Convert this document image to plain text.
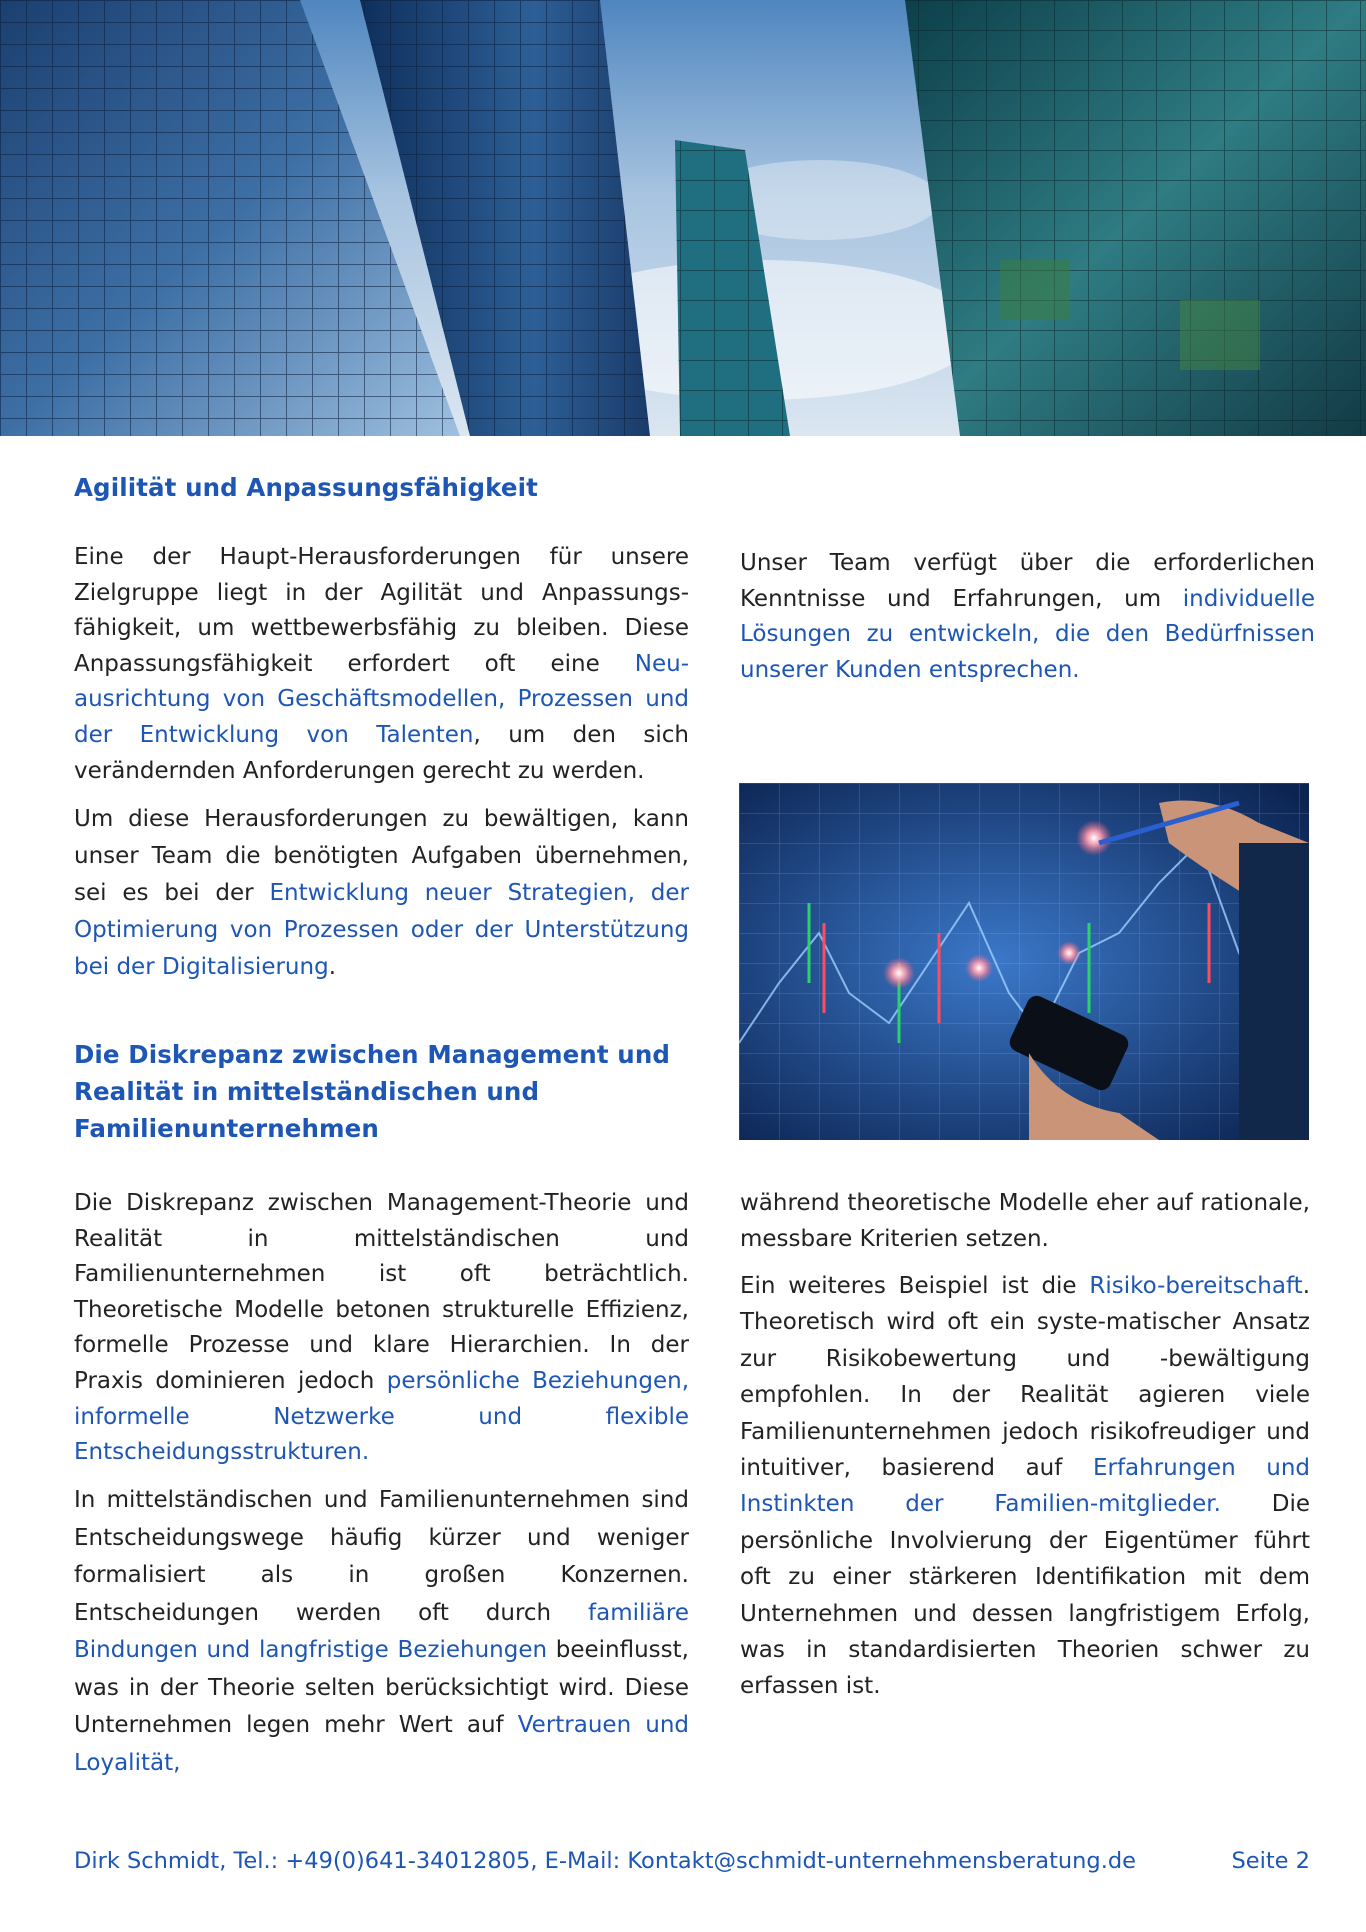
Agilität und Anpassungsfähigkeit

Eine der Haupt-Herausforderungen für unsere Zielgruppe liegt in der Agilität und Anpassungs-fähigkeit, um wettbewerbsfähig zu bleiben. Diese Anpassungsfähigkeit erfordert oft eine Neu-ausrichtung von Geschäftsmodellen, Prozessen und der Entwicklung von Talenten, um den sich verändernden Anforderungen gerecht zu werden.

Um diese Herausforderungen zu bewältigen, kann unser Team die benötigten Aufgaben übernehmen, sei es bei der Entwicklung neuer Strategien, der Optimierung von Prozessen oder der Unterstützung bei der Digitalisierung.

Unser Team verfügt über die erforderlichen Kenntnisse und Erfahrungen, um individuelle Lösungen zu entwickeln, die den Bedürfnissen unserer Kunden entsprechen.

Die Diskrepanz zwischen Management und Realität in mittelständischen und Familienunternehmen

Die Diskrepanz zwischen Management-Theorie und Realität in mittelständischen und Familienunternehmen ist oft beträchtlich. Theoretische Modelle betonen strukturelle Effizienz, formelle Prozesse und klare Hierarchien. In der Praxis dominieren jedoch persönliche Beziehungen, informelle Netzwerke und flexible Entscheidungsstrukturen.

In mittelständischen und Familienunternehmen sind Entscheidungswege häufig kürzer und weniger formalisiert als in großen Konzernen. Entscheidungen werden oft durch familiäre Bindungen und langfristige Beziehungen beeinflusst, was in der Theorie selten berücksichtigt wird. Diese Unternehmen legen mehr Wert auf Vertrauen und Loyalität,

während theoretische Modelle eher auf rationale, messbare Kriterien setzen.

Ein weiteres Beispiel ist die Risiko-bereitschaft. Theoretisch wird oft ein syste-matischer Ansatz zur Risikobewertung und -bewältigung empfohlen. In der Realität agieren viele Familienunternehmen jedoch risikofreudiger und intuitiver, basierend auf Erfahrungen und Instinkten der Familien-mitglieder. Die persönliche Involvierung der Eigentümer führt oft zu einer stärkeren Identifikation mit dem Unternehmen und dessen langfristigem Erfolg, was in standardisierten Theorien schwer zu erfassen ist.

Dirk Schmidt, Tel.: +49(0)641-34012805, E-Mail: Kontakt@schmidt-unternehmensberatung.de	Seite 2
